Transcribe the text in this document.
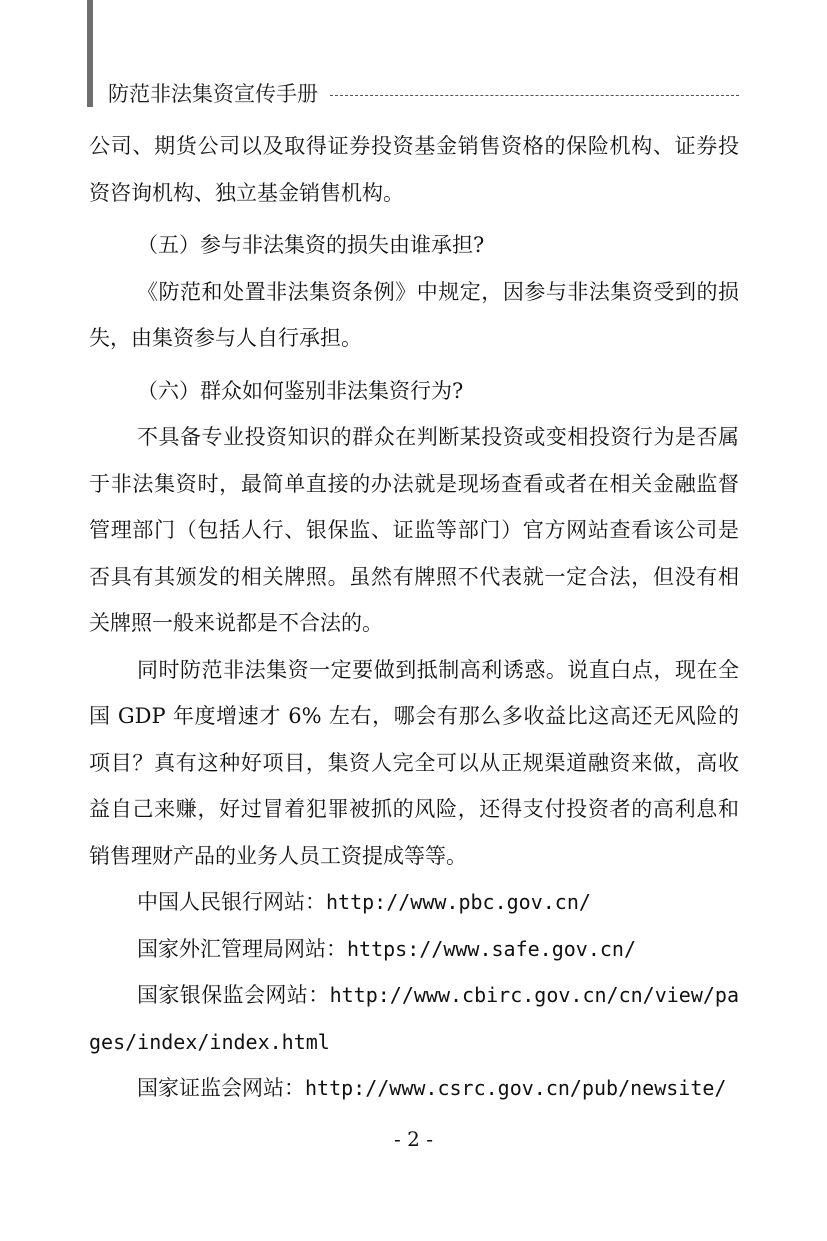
防范非法集资宣传手册

公司、期货公司以及取得证券投资基金销售资格的保险机构、证券投资咨询机构、独立基金销售机构。

（五）参与非法集资的损失由谁承担?

《防范和处置非法集资条例》中规定，因参与非法集资受到的损失，由集资参与人自行承担。

（六）群众如何鉴别非法集资行为?

不具备专业投资知识的群众在判断某投资或变相投资行为是否属于非法集资时，最简单直接的办法就是现场查看或者在相关金融监督管理部门（包括人行、银保监、证监等部门）官方网站查看该公司是否具有其颁发的相关牌照。虽然有牌照不代表就一定合法，但没有相关牌照一般来说都是不合法的。

同时防范非法集资一定要做到抵制高利诱惑。说直白点，现在全国 GDP 年度增速才 6% 左右，哪会有那么多收益比这高还无风险的项目？真有这种好项目，集资人完全可以从正规渠道融资来做，高收益自己来赚，好过冒着犯罪被抓的风险，还得支付投资者的高利息和销售理财产品的业务人员工资提成等等。

中国人民银行网站：http://www.pbc.gov.cn/

国家外汇管理局网站：https://www.safe.gov.cn/

国家银保监会网站：http://www.cbirc.gov.cn/cn/view/pages/index/index.html

国家证监会网站：http://www.csrc.gov.cn/pub/newsite/

- 2 -
